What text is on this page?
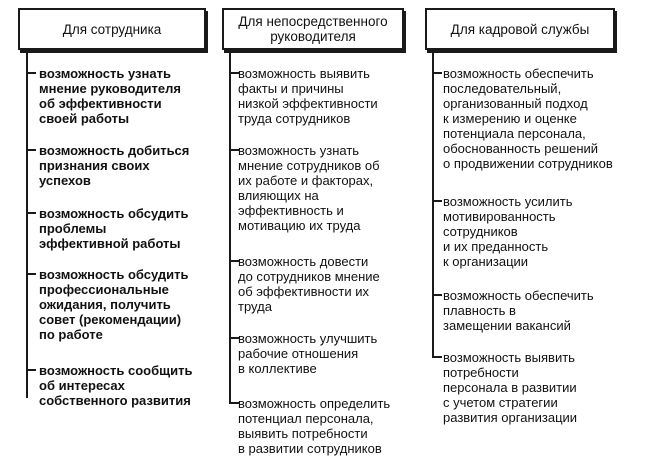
Для сотрудника	Для непосредственного
руководителя	Для кадровой службы
возможность узнать
мнение руководителя
об эффективности
своей работы
возможность добиться
признания своих
успехов
возможность обсудить
проблемы
эффективной работы
возможность обсудить
профессиональные
ожидания, получить
совет (рекомендации)
по работе
возможность сообщить
об интересах
собственного развития
возможность выявить
факты и причины
низкой эффективности
труда сотрудников
возможность узнать
мнение сотрудников об
их работе и факторах,
влияющих на
эффективность и
мотивацию их труда
возможность довести
до сотрудников мнение
об эффективности их
труда
возможность улучшить
рабочие отношения
в коллективе
возможность определить
потенциал персонала,
выявить потребности
в развитии сотрудников
возможность обеспечить
последовательный,
организованный подход
к измерению и оценке
потенциала персонала,
обоснованность решений
о продвижении сотрудников
возможность усилить
мотивированность
сотрудников
и их преданность
к организации
возможность обеспечить
плавность в
замещении вакансий
возможность выявить
потребности
персонала в развитии
с учетом стратегии
развития организации
